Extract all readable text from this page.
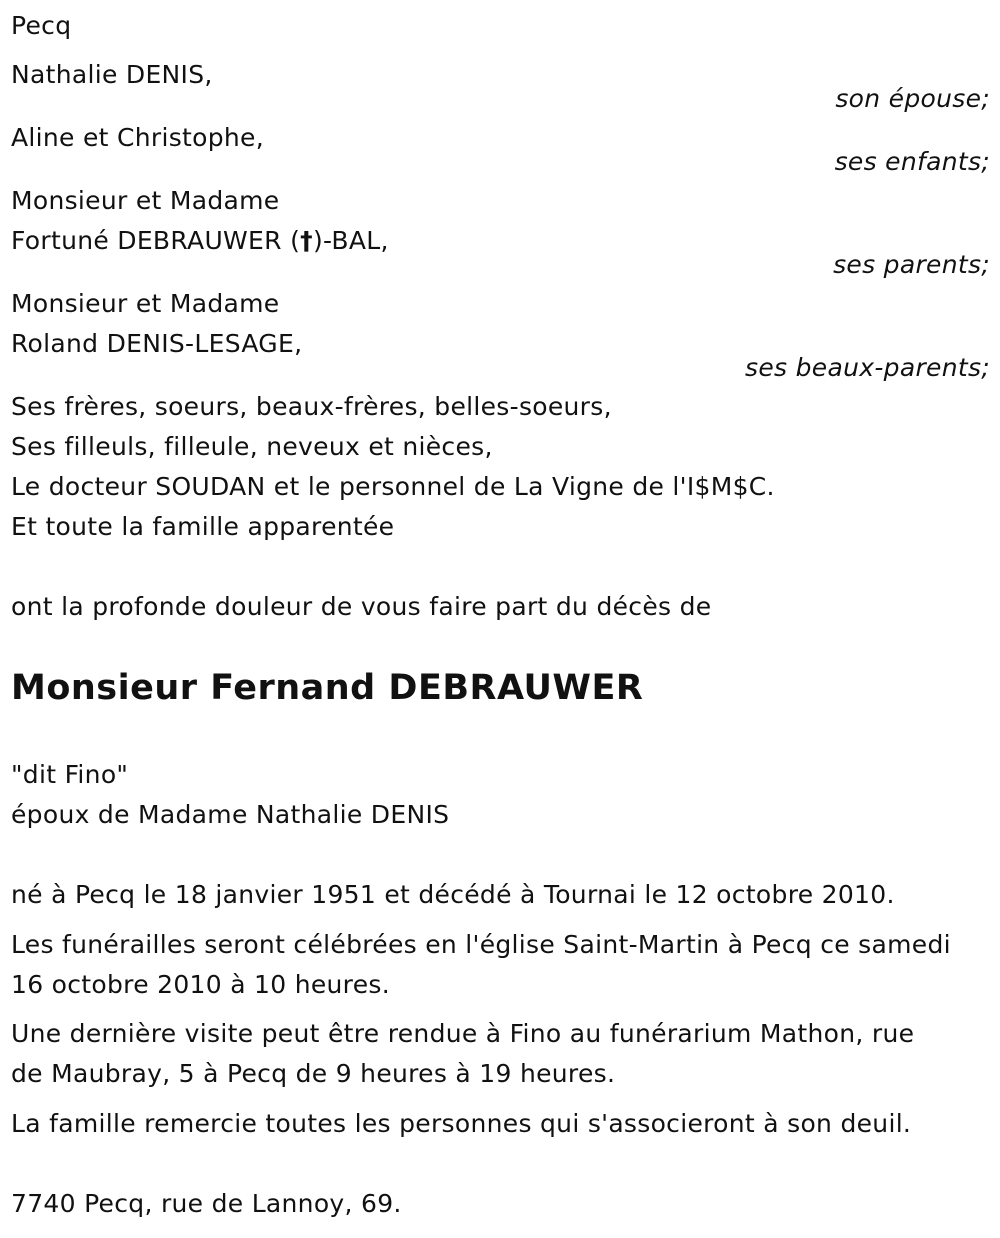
Pecq
Nathalie DENIS,
son épouse;
Aline et Christophe,
ses enfants;
Monsieur et Madame
Fortuné DEBRAUWER (†)-BAL,
ses parents;
Monsieur et Madame
Roland DENIS-LESAGE,
ses beaux-parents;
Ses frères, soeurs, beaux-frères, belles-soeurs,
Ses filleuls, filleule, neveux et nièces,
Le docteur SOUDAN et le personnel de La Vigne de l'I$M$C.
Et toute la famille apparentée
ont la profonde douleur de vous faire part du décès de
Monsieur Fernand DEBRAUWER
"dit Fino"
époux de Madame Nathalie DENIS
né à Pecq le 18 janvier 1951 et décédé à Tournai le 12 octobre 2010.
Les funérailles seront célébrées en l'église Saint-Martin à Pecq ce samedi
16 octobre 2010 à 10 heures.
Une dernière visite peut être rendue à Fino au funérarium Mathon, rue
de Maubray, 5 à Pecq de 9 heures à 19 heures.
La famille remercie toutes les personnes qui s'associeront à son deuil.
7740 Pecq, rue de Lannoy, 69.
